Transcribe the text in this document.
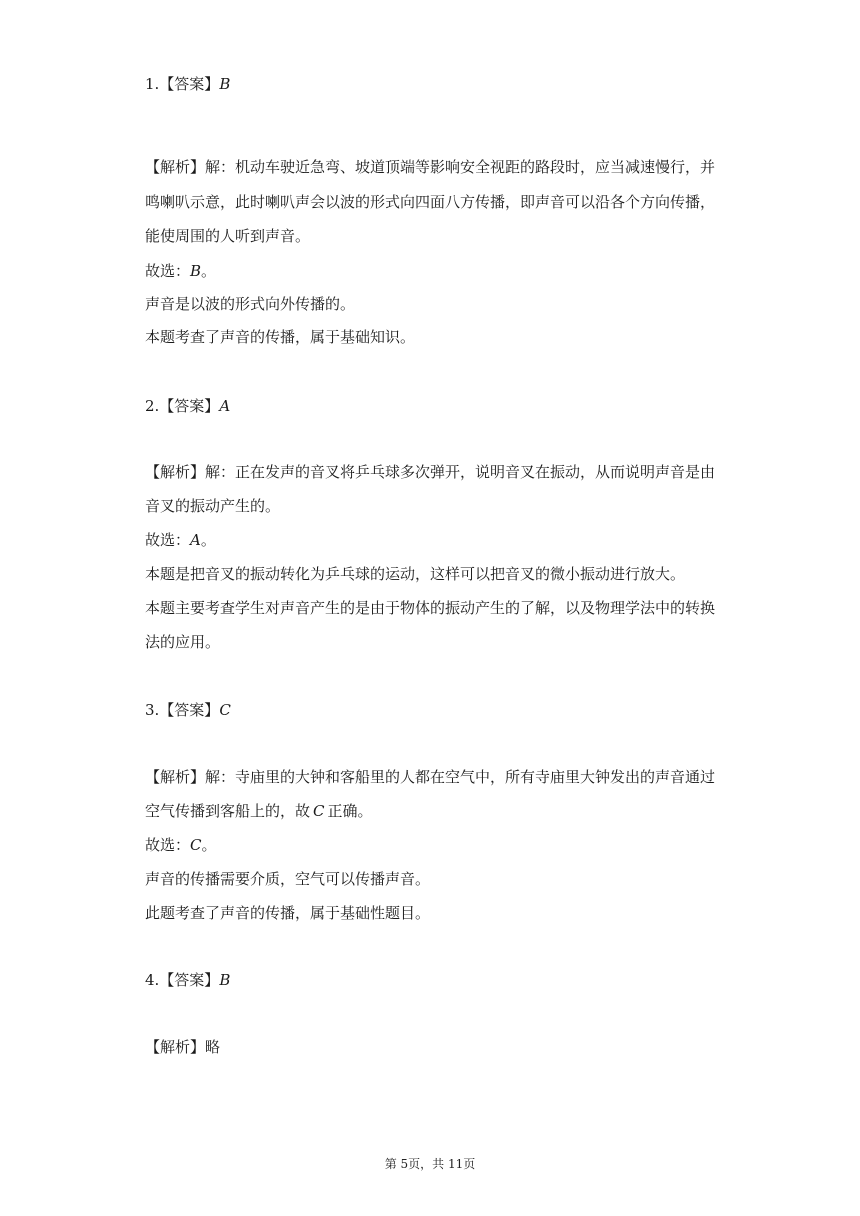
1.【答案】B
【解析】解：机动车驶近急弯、坡道顶端等影响安全视距的路段时，应当减速慢行，并
鸣喇叭示意，此时喇叭声会以波的形式向四面八方传播，即声音可以沿各个方向传播，
能使周围的人听到声音。
故选：B。
声音是以波的形式向外传播的。
本题考查了声音的传播，属于基础知识。
2.【答案】A
【解析】解：正在发声的音叉将乒乓球多次弹开，说明音叉在振动，从而说明声音是由
音叉的振动产生的。
故选：A。
本题是把音叉的振动转化为乒乓球的运动，这样可以把音叉的微小振动进行放大。
本题主要考查学生对声音产生的是由于物体的振动产生的了解，以及物理学法中的转换
法的应用。
3.【答案】C
【解析】解：寺庙里的大钟和客船里的人都在空气中，所有寺庙里大钟发出的声音通过
空气传播到客船上的，故 C 正确。
故选：C。
声音的传播需要介质，空气可以传播声音。
此题考查了声音的传播，属于基础性题目。
4.【答案】B
【解析】略
第 5页，共 11页
